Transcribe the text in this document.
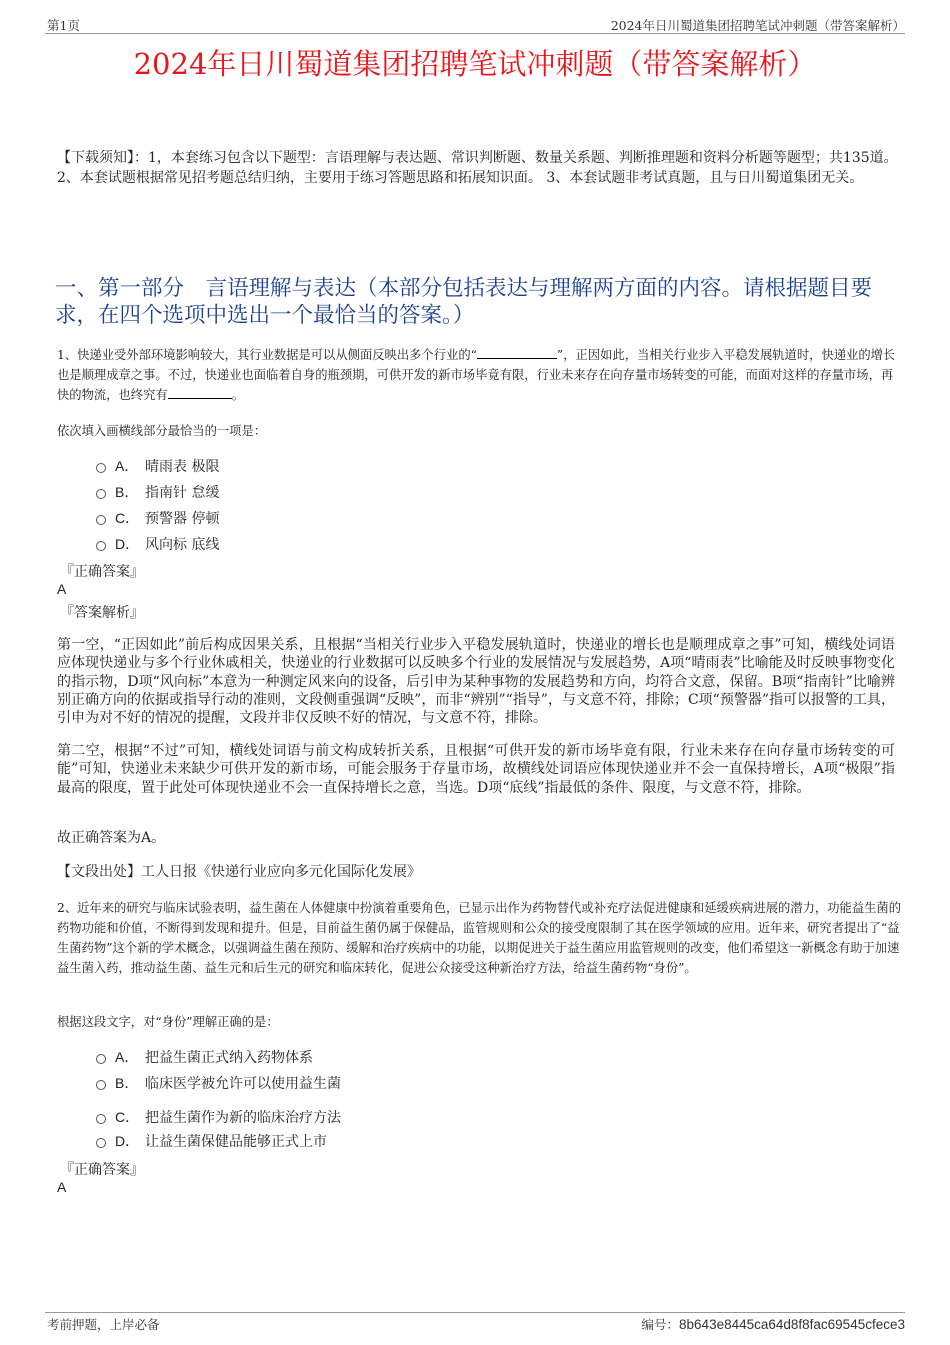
第1页	2024年日川蜀道集团招聘笔试冲刺题（带答案解析）
2024年日川蜀道集团招聘笔试冲刺题（带答案解析）
【下载须知】：1，本套练习包含以下题型：言语理解与表达题、常识判断题、数量关系题、判断推理题和资料分析题等题型；共135道。2、本套试题根据常见招考题总结归纳，主要用于练习答题思路和拓展知识面。 3、本套试题非考试真题，且与日川蜀道集团无关。
一、第一部分　言语理解与表达（本部分包括表达与理解两方面的内容。请根据题目要求，在四个选项中选出一个最恰当的答案。）
1、快递业受外部环境影响较大，其行业数据是可以从侧面反映出多个行业的“	”，正因如此，当相关行业步入平稳发展轨道时，快递业的增长也是顺理成章之事。不过，快递业也面临着自身的瓶颈期，可供开发的新市场毕竟有限，行业未来存在向存量市场转变的可能，而面对这样的存量市场，再快的物流，也终究有	。
依次填入画横线部分最恰当的一项是：
A． 晴雨表 极限
B． 指南针 怠缓
C． 预警器 停顿
D． 风向标 底线
『正确答案』
A
『答案解析』
第一空，“正因如此”前后构成因果关系，且根据“当相关行业步入平稳发展轨道时，快递业的增长也是顺理成章之事”可知，横线处词语应体现快递业与多个行业休戚相关，快递业的行业数据可以反映多个行业的发展情况与发展趋势，A项“晴雨表”比喻能及时反映事物变化的指示物，D项“风向标”本意为一种测定风来向的设备，后引申为某种事物的发展趋势和方向，均符合文意，保留。B项“指南针”比喻辨别正确方向的依据或指导行动的准则，文段侧重强调“反映”，而非“辨别”“指导”，与文意不符，排除；C项“预警器”指可以报警的工具，引申为对不好的情况的提醒，文段并非仅反映不好的情况，与文意不符，排除。
第二空，根据“不过”可知，横线处词语与前文构成转折关系，且根据“可供开发的新市场毕竟有限，行业未来存在向存量市场转变的可能”可知，快递业未来缺少可供开发的新市场，可能会服务于存量市场，故横线处词语应体现快递业并不会一直保持增长，A项“极限”指最高的限度，置于此处可体现快递业不会一直保持增长之意，当选。D项“底线”指最低的条件、限度，与文意不符，排除。
故正确答案为A。
【文段出处】工人日报《快递行业应向多元化国际化发展》
2、近年来的研究与临床试验表明，益生菌在人体健康中扮演着重要角色，已显示出作为药物替代或补充疗法促进健康和延缓疾病进展的潜力，功能益生菌的药物功能和价值，不断得到发现和提升。但是，目前益生菌仍属于保健品，监管规则和公众的接受度限制了其在医学领域的应用。近年来，研究者提出了“益生菌药物”这个新的学术概念，以强调益生菌在预防、缓解和治疗疾病中的功能，以期促进关于益生菌应用监管规则的改变，他们希望这一新概念有助于加速益生菌入药，推动益生菌、益生元和后生元的研究和临床转化，促进公众接受这种新治疗方法，给益生菌药物“身份”。
根据这段文字，对“身份”理解正确的是：
A． 把益生菌正式纳入药物体系
B． 临床医学被允许可以使用益生菌
C． 把益生菌作为新的临床治疗方法
D． 让益生菌保健品能够正式上市
『正确答案』
A
考前押题，上岸必备	编号：8b643e8445ca64d8f8fac69545cfece3
